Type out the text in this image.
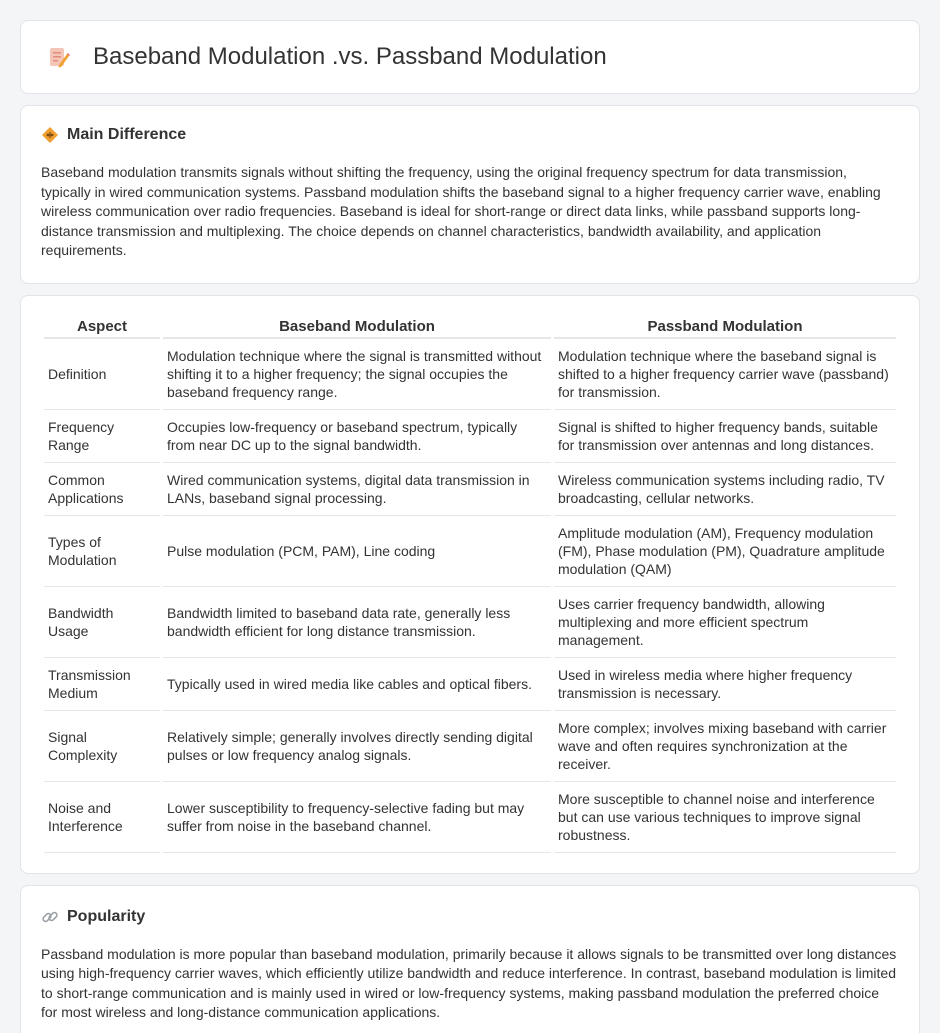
Baseband Modulation .vs. Passband Modulation
Main Difference

Baseband modulation transmits signals without shifting the frequency, using the original frequency spectrum for data transmission, typically in wired communication systems. Passband modulation shifts the baseband signal to a higher frequency carrier wave, enabling wireless communication over radio frequencies. Baseband is ideal for short-range or direct data links, while passband supports long-distance transmission and multiplexing. The choice depends on channel characteristics, bandwidth availability, and application requirements.

Aspect	Baseband Modulation	Passband Modulation
Definition	Modulation technique where the signal is transmitted without shifting it to a higher frequency; the signal occupies the baseband frequency range.	Modulation technique where the baseband signal is shifted to a higher frequency carrier wave (passband) for transmission.
Frequency Range	Occupies low-frequency or baseband spectrum, typically from near DC up to the signal bandwidth.	Signal is shifted to higher frequency bands, suitable for transmission over antennas and long distances.
Common Applications	Wired communication systems, digital data transmission in LANs, baseband signal processing.	Wireless communication systems including radio, TV broadcasting, cellular networks.
Types of Modulation	Pulse modulation (PCM, PAM), Line coding	Amplitude modulation (AM), Frequency modulation (FM), Phase modulation (PM), Quadrature amplitude modulation (QAM)
Bandwidth Usage	Bandwidth limited to baseband data rate, generally less bandwidth efficient for long distance transmission.	Uses carrier frequency bandwidth, allowing multiplexing and more efficient spectrum management.
Transmission Medium	Typically used in wired media like cables and optical fibers.	Used in wireless media where higher frequency transmission is necessary.
Signal Complexity	Relatively simple; generally involves directly sending digital pulses or low frequency analog signals.	More complex; involves mixing baseband with carrier wave and often requires synchronization at the receiver.
Noise and Interference	Lower susceptibility to frequency-selective fading but may suffer from noise in the baseband channel.	More susceptible to channel noise and interference but can use various techniques to improve signal robustness.
Popularity

Passband modulation is more popular than baseband modulation, primarily because it allows signals to be transmitted over long distances using high-frequency carrier waves, which efficiently utilize bandwidth and reduce interference. In contrast, baseband modulation is limited to short-range communication and is mainly used in wired or low-frequency systems, making passband modulation the preferred choice for most wireless and long-distance communication applications.
